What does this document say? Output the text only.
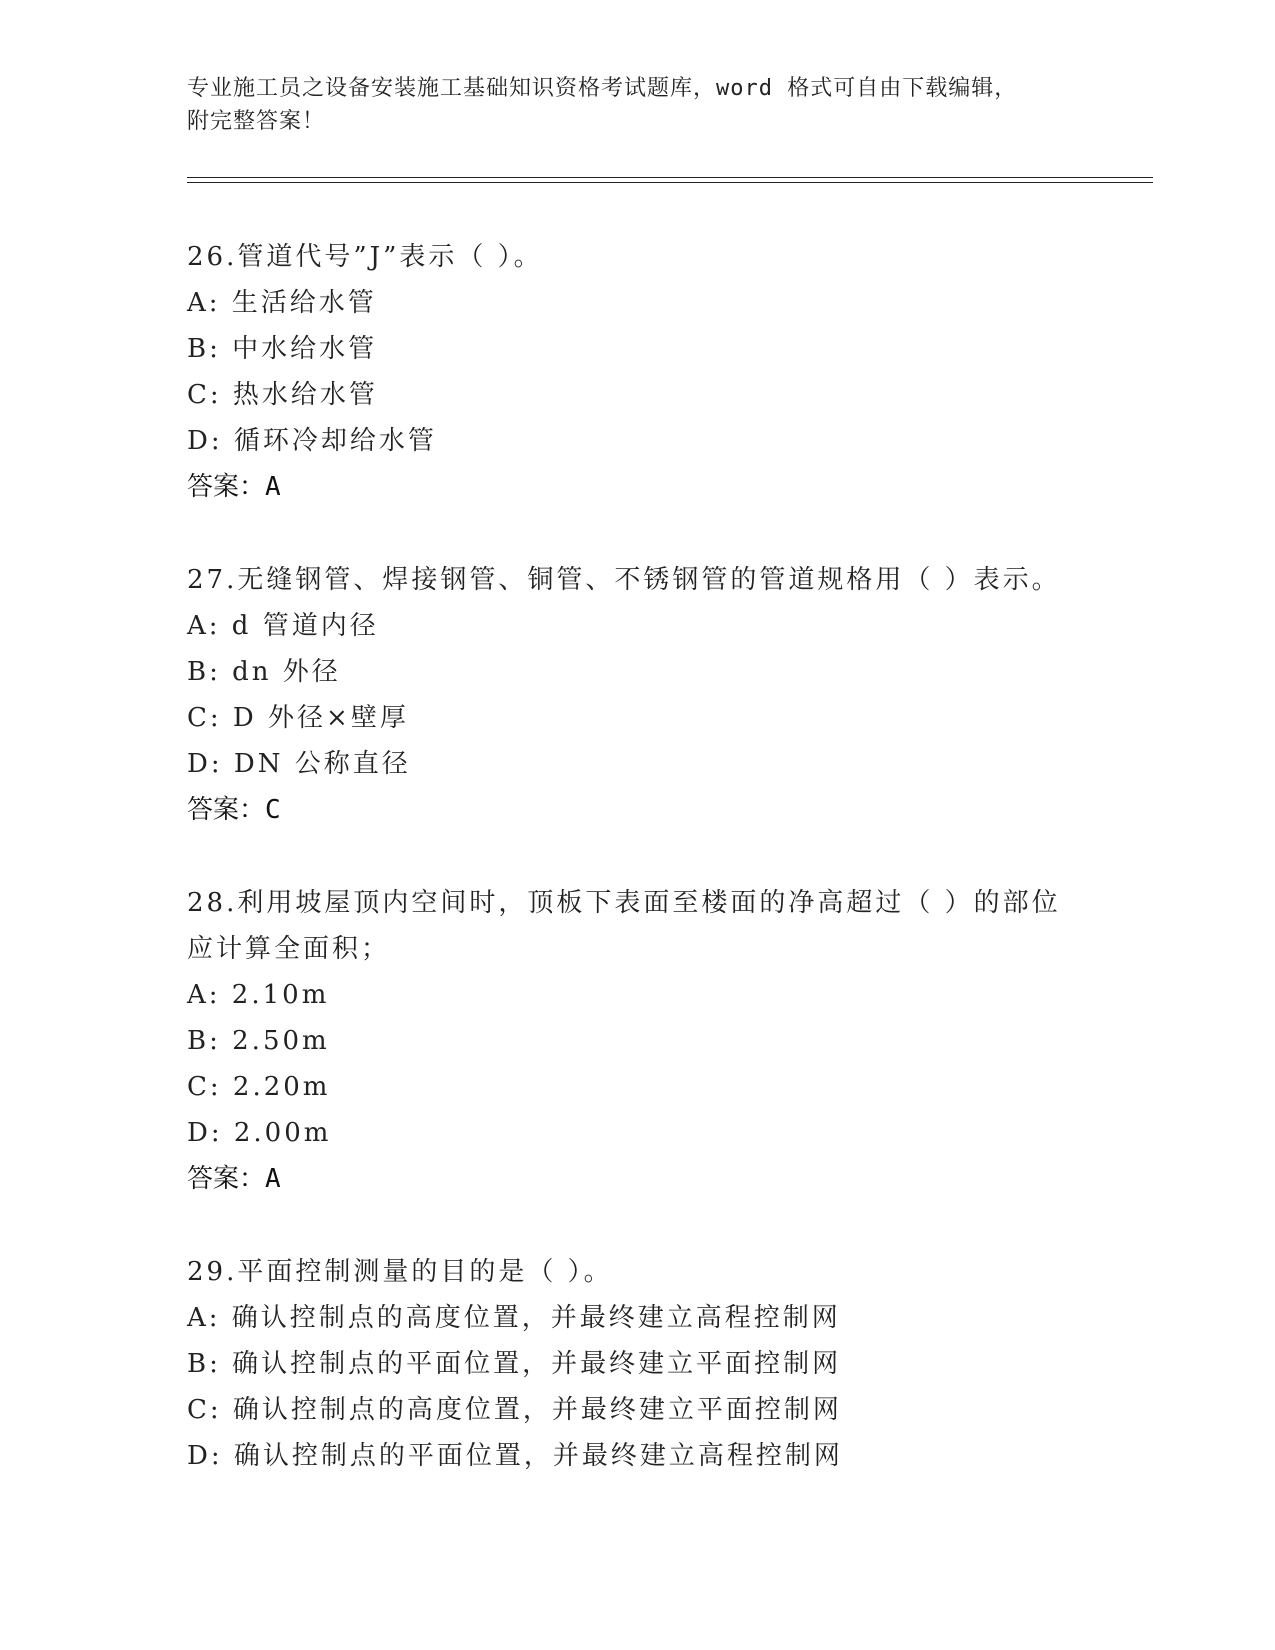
专业施工员之设备安装施工基础知识资格考试题库，word 格式可自由下载编辑，
附完整答案！

26.管道代号”J”表示（ ）。

A: 生活给水管

B: 中水给水管

C: 热水给水管

D: 循环冷却给水管

答案：A

27.无缝钢管、焊接钢管、铜管、不锈钢管的管道规格用（ ）表示。

A: d 管道内径

B: dn 外径

C: D 外径×壁厚

D: DN 公称直径

答案：C

28.利用坡屋顶内空间时，顶板下表面至楼面的净高超过（ ）的部位

应计算全面积；

A: 2.10m

B: 2.50m

C: 2.20m

D: 2.00m

答案：A

29.平面控制测量的目的是（ ）。

A: 确认控制点的高度位置，并最终建立高程控制网

B: 确认控制点的平面位置，并最终建立平面控制网

C: 确认控制点的高度位置，并最终建立平面控制网

D: 确认控制点的平面位置，并最终建立高程控制网
